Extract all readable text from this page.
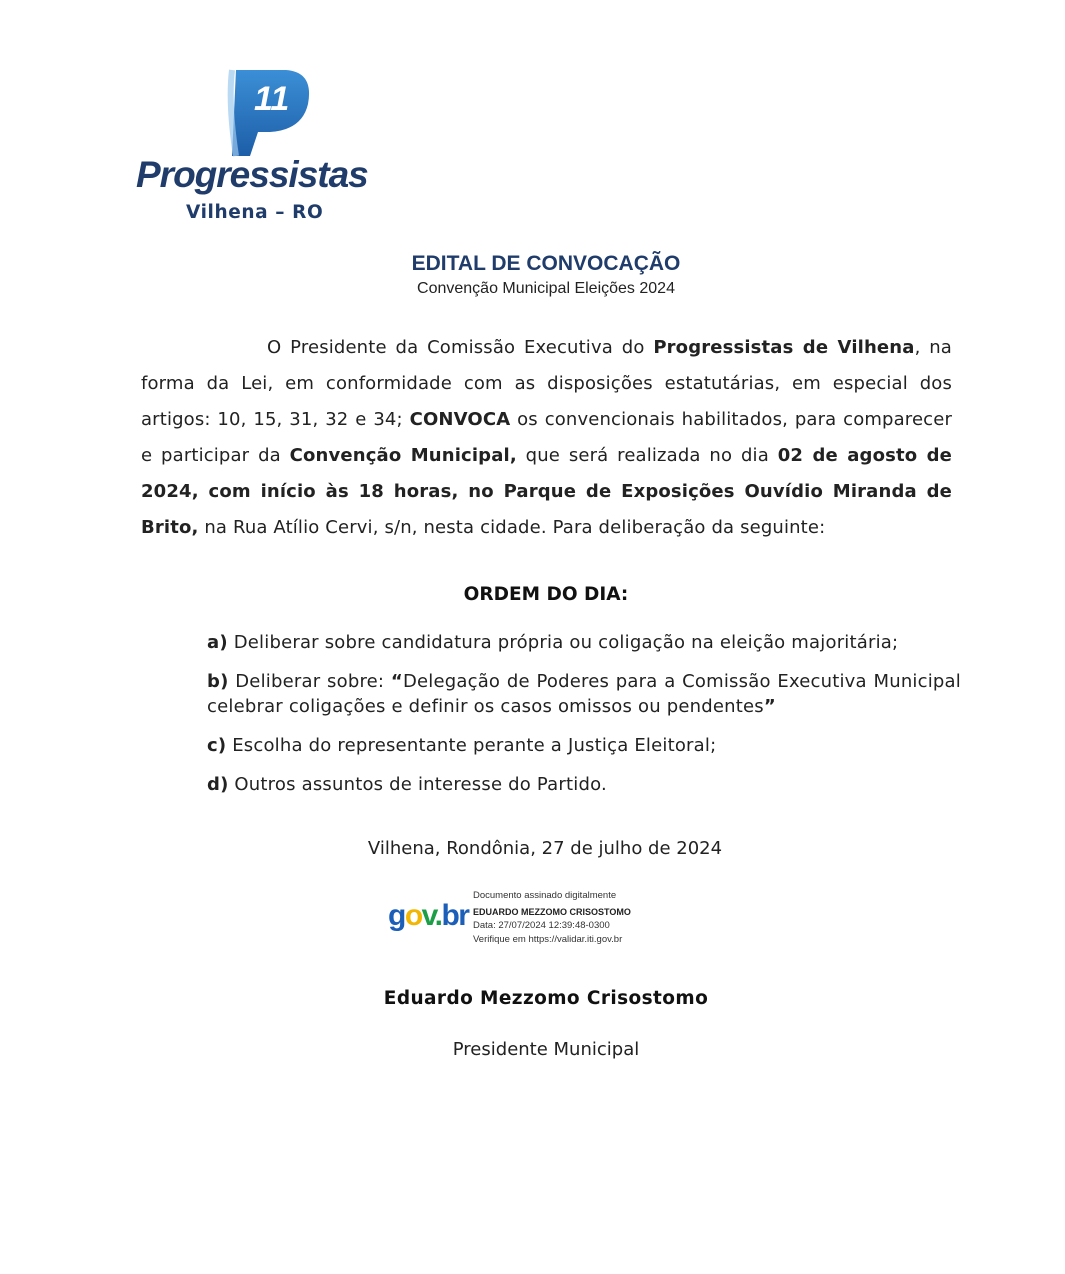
11
Progressistas
Vilhena – RO
EDITAL DE CONVOCAÇÃO
Convenção Municipal Eleições 2024

O Presidente da Comissão Executiva do Progressistas de Vilhena, na forma da Lei, em conformidade com as disposições estatutárias, em especial dos artigos: 10, 15, 31, 32 e 34; CONVOCA os convencionais habilitados, para comparecer e participar da Convenção Municipal, que será realizada no dia 02 de agosto de 2024, com início às 18 horas, no Parque de Exposições Ouvídio Miranda de Brito, na Rua Atílio Cervi, s/n, nesta cidade. Para deliberação da seguinte:

ORDEM DO DIA:

a) Deliberar sobre candidatura própria ou coligação na eleição majoritária;

b) Deliberar sobre: “Delegação de Poderes para a Comissão Executiva Municipal celebrar coligações e definir os casos omissos ou pendentes”

c) Escolha do representante perante a Justiça Eleitoral;

d) Outros assuntos de interesse do Partido.

Vilhena, Rondônia, 27 de julho de 2024
gov.br
Documento assinado digitalmente
EDUARDO MEZZOMO CRISOSTOMO
Data: 27/07/2024 12:39:48-0300
Verifique em https://validar.iti.gov.br
Eduardo Mezzomo Crisostomo
Presidente Municipal
